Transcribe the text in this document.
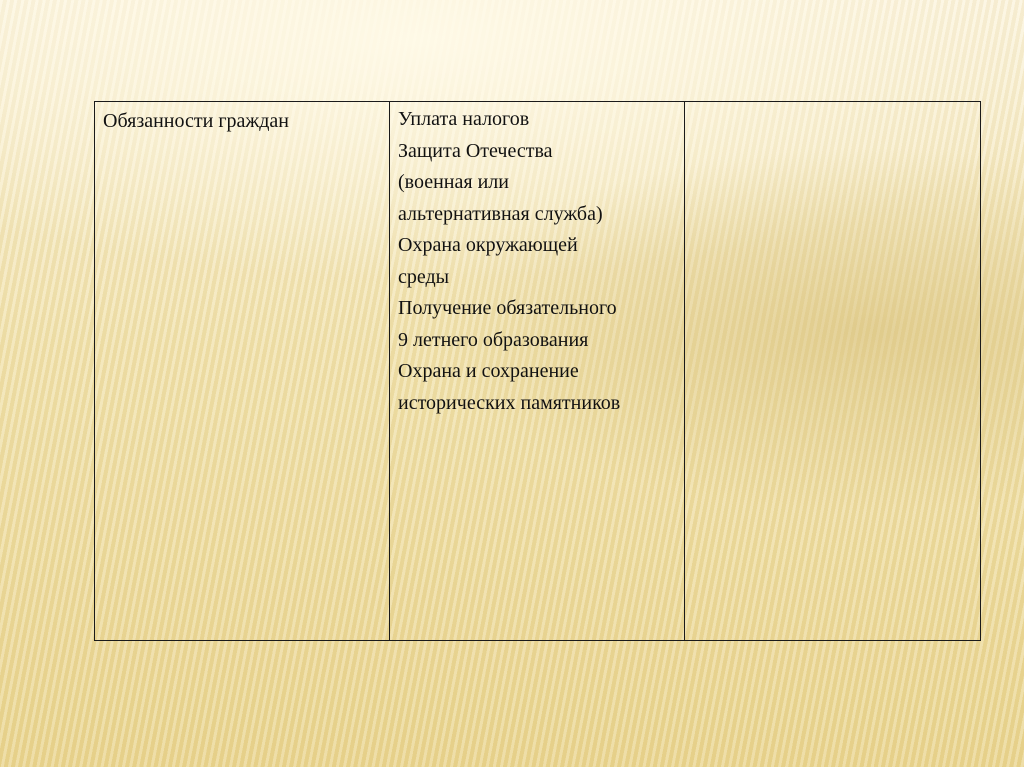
Обязанности граждан	Уплата налогов
Защита Отечества
(военная или
альтернативная служба)
Охрана окружающей
среды
Получение обязательного
9 летнего образования
Охрана и сохранение
исторических памятников
